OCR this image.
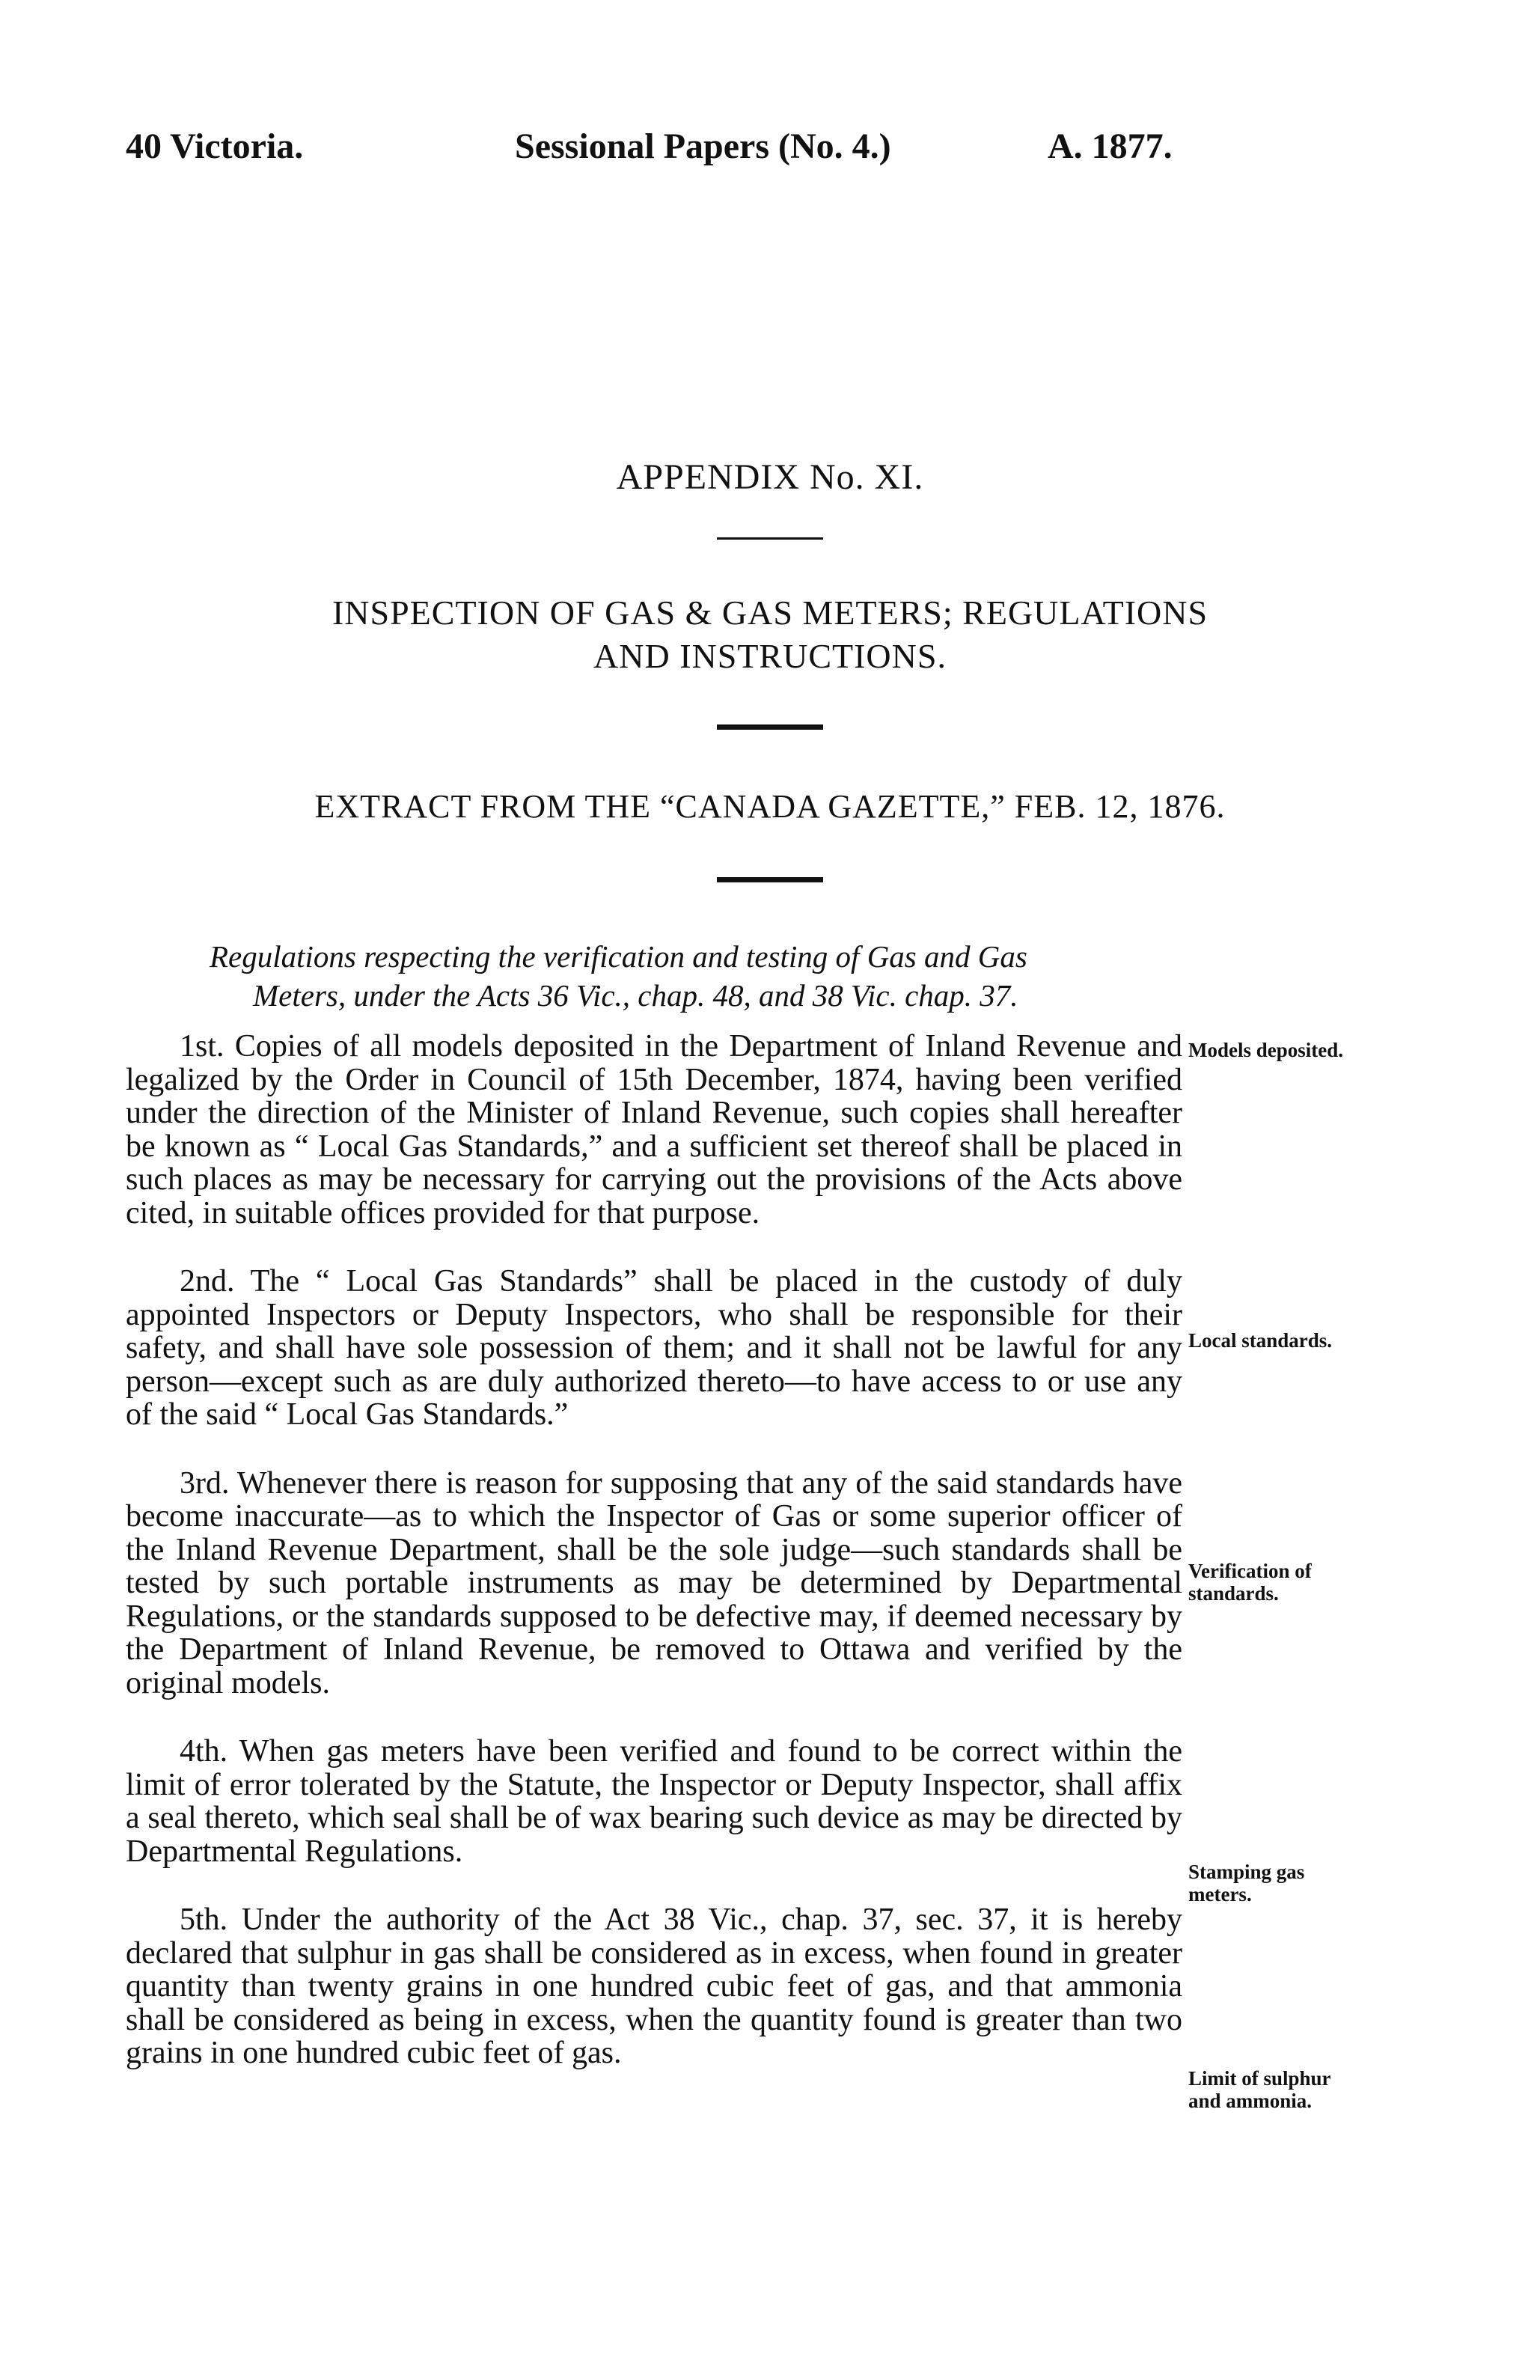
40 Victoria.	Sessional Papers (No. 4.)	A. 1877.
APPENDIX No. XI.
INSPECTION OF GAS & GAS METERS; REGULATIONS
AND INSTRUCTIONS.
EXTRACT FROM THE “CANADA GAZETTE,” FEB. 12, 1876.
Regulations respecting the verification and testing of Gas and Gas
Meters, under the Acts 36 Vic., chap. 48, and 38 Vic. chap. 37.

1st. Copies of all models deposited in the Department of Inland Revenue and legalized by the Order in Council of 15th December, 1874, having been verified under the direction of the Minister of Inland Revenue, such copies shall hereafter be known as “ Local Gas Standards,” and a sufficient set thereof shall be placed in such places as may be necessary for carrying out the provisions of the Acts above cited, in suitable offices provided for that purpose.

2nd. The “ Local Gas Standards” shall be placed in the custody of duly appointed Inspectors or Deputy Inspectors, who shall be responsible for their safety, and shall have sole possession of them; and it shall not be lawful for any person—except such as are duly authorized thereto—to have access to or use any of the said “ Local Gas Standards.”

3rd. Whenever there is reason for supposing that any of the said standards have become inaccurate—as to which the Inspector of Gas or some superior officer of the Inland Revenue Department, shall be the sole judge—such standards shall be tested by such portable instruments as may be determined by Departmental Regulations, or the standards supposed to be defective may, if deemed necessary by the Department of Inland Revenue, be removed to Ottawa and verified by the original models.

4th. When gas meters have been verified and found to be correct within the limit of error tolerated by the Statute, the Inspector or Deputy Inspector, shall affix a seal thereto, which seal shall be of wax bearing such device as may be directed by Departmental Regulations.

5th. Under the authority of the Act 38 Vic., chap. 37, sec. 37, it is hereby declared that sulphur in gas shall be considered as in excess, when found in greater quantity than twenty grains in one hundred cubic feet of gas, and that ammonia shall be considered as being in excess, when the quantity found is greater than two grains in one hundred cubic feet of gas.

Models deposited.
Local standards.
Verification of standards.
Stamping gas meters.
Limit of sulphur and ammonia.
